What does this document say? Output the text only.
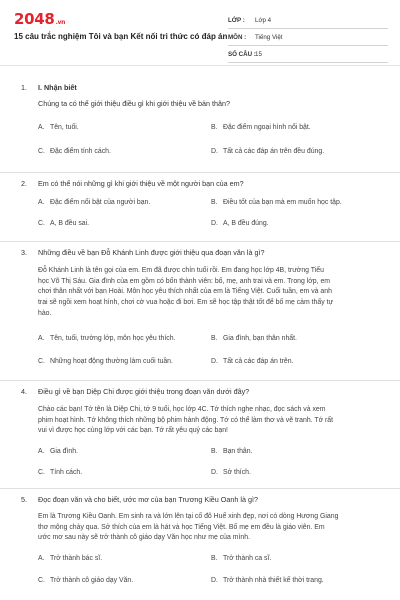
2048.vn
15 câu trắc nghiệm Tôi và bạn Kết nối tri thức có đáp án
LỚP : Lớp 4
MÔN : Tiếng Việt
SỐ CÂU : 15
1. I. Nhận biết
Chúng ta có thể giới thiệu điều gì khi giới thiệu về bản thân?
A. Tên, tuổi.	B. Đặc điểm ngoại hình nổi bật.
C. Đặc điểm tính cách.	D. Tất cả các đáp án trên đều đúng.
2. Em có thể nói những gì khi giới thiệu về một người bạn của em?
A. Đặc điểm nổi bật của người bạn.	B. Điều tốt của bạn mà em muốn học tập.
C. A, B đều sai.	D. A, B đều đúng.
3. Những điều về bạn Đỗ Khánh Linh được giới thiệu qua đoạn văn là gì?
Đỗ Khánh Linh là tên gọi của em. Em đã được chín tuổi rồi. Em đang học lớp 4B, trường Tiểu
học Võ Thị Sáu. Gia đình của em gồm có bốn thành viên: bố, mẹ, anh trai và em. Trong lớp, em
chơi thân nhất với bạn Hoài. Môn học yêu thích nhất của em là Tiếng Việt. Cuối tuần, em và anh
trai sẽ ngồi xem hoạt hình, chơi cờ vua hoặc đi bơi. Em sẽ học tập thật tốt để bố mẹ cảm thấy tự
hào.
A. Tên, tuổi, trường lớp, môn học yêu thích.	B. Gia đình, bạn thân nhất.
C. Những hoạt động thường làm cuối tuần.	D. Tất cả các đáp án trên.
4. Điều gì về bạn Diệp Chi được giới thiệu trong đoạn văn dưới đây?
Chào các bạn! Tớ tên là Diệp Chi, tớ 9 tuổi, học lớp 4C. Tớ thích nghe nhạc, đọc sách và xem
phim hoạt hình. Tớ không thích những bộ phim hành động. Tớ có thể làm thơ và vẽ tranh. Tớ rất
vui vì được học cùng lớp với các bạn. Tớ rất yêu quý các bạn!
A. Gia đình.	B. Bạn thân.
C. Tính cách.	D. Sở thích.
5. Đọc đoạn văn và cho biết, ước mơ của bạn Trương Kiều Oanh là gì?
Em là Trương Kiều Oanh. Em sinh ra và lớn lên tại cố đô Huế xinh đẹp, nơi có dòng Hương Giang
thơ mộng chảy qua. Sở thích của em là hát và học Tiếng Việt. Bố mẹ em đều là giáo viên. Em
ước mơ sau này sẽ trở thành cô giáo dạy Văn học như mẹ của mình.
A. Trở thành bác sĩ.	B. Trở thành ca sĩ.
C. Trở thành cô giáo dạy Văn.	D. Trở thành nhà thiết kế thời trang.
